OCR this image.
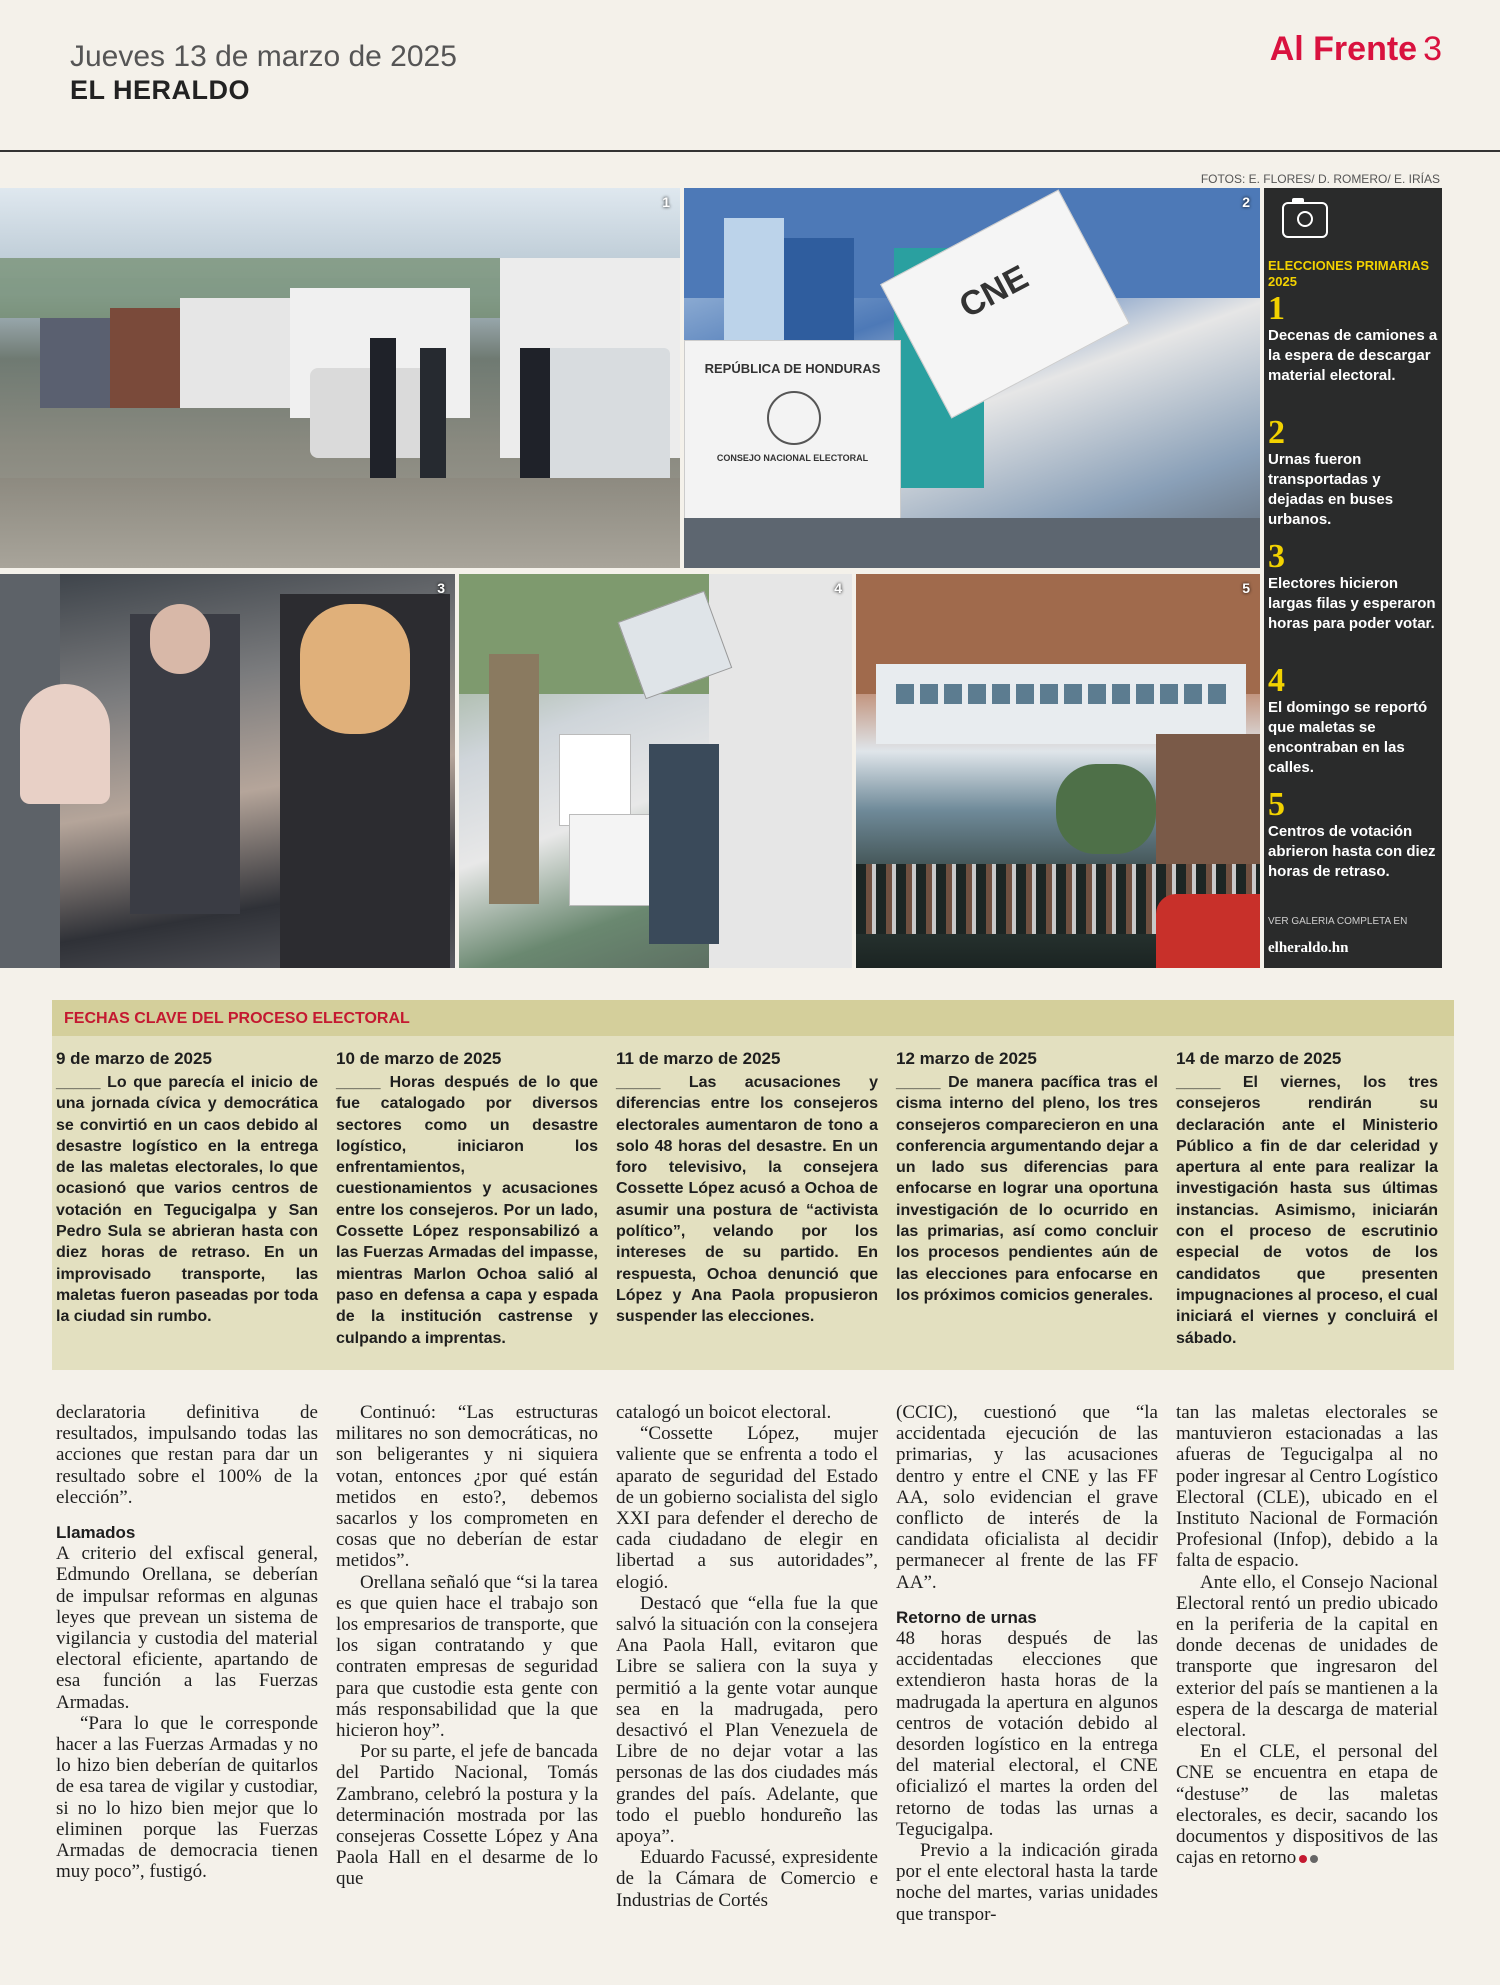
Jueves 13 de marzo de 2025
EL HERALDO
Al Frente 3
FOTOS: E. FLORES/ D. ROMERO/ E. IRÍAS
1
REPÚBLICA DE HONDURAS
CONSEJO NACIONAL ELECTORAL
CNE
2
3	4	5
ELECCIONES PRIMARIAS 2025
1
Decenas de camiones a la espera de descargar material electoral.
2
Urnas fueron transportadas y dejadas en buses urbanos.
3
Electores hicieron largas filas y esperaron horas para poder votar.
4
El domingo se reportó que maletas se encontraban en las calles.
5
Centros de votación abrieron hasta con diez horas de retraso.
VER GALERIA COMPLETA EN
elheraldo.hn
FECHAS CLAVE DEL PROCESO ELECTORAL
9 de marzo de 2025
_____ Lo que parecía el inicio de una jornada cívica y democrática se convirtió en un caos debido al desastre logístico en la entrega de las maletas electorales, lo que ocasionó que varios centros de votación en Tegucigalpa y San Pedro Sula se abrieran hasta con diez horas de retraso. En un improvisado transporte, las maletas fueron paseadas por toda la ciudad sin rumbo.
10 de marzo de 2025
_____ Horas después de lo que fue catalogado por diversos sectores como un desastre logístico, iniciaron los enfrentamientos, cuestionamientos y acusaciones entre los consejeros. Por un lado, Cossette López responsabilizó a las Fuerzas Armadas del impasse, mientras Marlon Ochoa salió al paso en defensa a capa y espada de la institución castrense y culpando a imprentas.
11 de marzo de 2025
_____ Las acusaciones y diferencias entre los consejeros electorales aumentaron de tono a solo 48 horas del desastre. En un foro televisivo, la consejera Cossette López acusó a Ochoa de asumir una postura de “activista político”, velando por los intereses de su partido. En respuesta, Ochoa denunció que López y Ana Paola propusieron suspender las elecciones.
12 marzo de 2025
_____ De manera pacífica tras el cisma interno del pleno, los tres consejeros comparecieron en una conferencia argumentando dejar a un lado sus diferencias para enfocarse en lograr una oportuna investigación de lo ocurrido en las primarias, así como concluir los procesos pendientes aún de las elecciones para enfocarse en los próximos comicios generales.
14 de marzo de 2025
_____ El viernes, los tres consejeros rendirán su declaración ante el Ministerio Público a fin de dar celeridad y apertura al ente para realizar la investigación hasta sus últimas instancias. Asimismo, iniciarán con el proceso de escrutinio especial de votos de los candidatos que presenten impugnaciones al proceso, el cual iniciará el viernes y concluirá el sábado.

declaratoria definitiva de resultados, impulsando todas las acciones que restan para dar un resultado sobre el 100% de la elección”.

Llamados

A criterio del exfiscal general, Edmundo Orellana, se deberían de impulsar reformas en algunas leyes que prevean un sistema de vigilancia y custodia del material electoral eficiente, apartando de esa función a las Fuerzas Armadas.

“Para lo que le corresponde hacer a las Fuerzas Armadas y no lo hizo bien deberían de quitarlos de esa tarea de vigilar y custodiar, si no lo hizo bien mejor que lo eliminen porque las Fuerzas Armadas de democracia tienen muy poco”, fustigó.

Continuó: “Las estructuras militares no son democráticas, no son beligerantes y ni siquiera votan, entonces ¿por qué están metidos en esto?, debemos sacarlos y los comprometen en cosas que no deberían de estar metidos”.

Orellana señaló que “si la tarea es que quien hace el trabajo son los empresarios de transporte, que los sigan contratando y que contraten empresas de seguridad para que custodie esta gente con más responsabilidad que la que hicieron hoy”.

Por su parte, el jefe de bancada del Partido Nacional, Tomás Zambrano, celebró la postura y la determinación mostrada por las consejeras Cossette López y Ana Paola Hall en el desarme de lo que

catalogó un boicot electoral.

“Cossette López, mujer valiente que se enfrenta a todo el aparato de seguridad del Estado de un gobierno socialista del siglo XXI para defender el derecho de cada ciudadano de elegir en libertad a sus autoridades”, elogió.

Destacó que “ella fue la que salvó la situación con la consejera Ana Paola Hall, evitaron que Libre se saliera con la suya y permitió a la gente votar aunque sea en la madrugada, pero desactivó el Plan Venezuela de Libre de no dejar votar a las personas de las dos ciudades más grandes del país. Adelante, que todo el pueblo hondureño las apoya”.

Eduardo Facussé, expresidente de la Cámara de Comercio e Industrias de Cortés

(CCIC), cuestionó que “la accidentada ejecución de las primarias, y las acusaciones dentro y entre el CNE y las FF AA, solo evidencian el grave conflicto de interés de la candidata oficialista al decidir permanecer al frente de las FF AA”.

Retorno de urnas

48 horas después de las accidentadas elecciones que extendieron hasta horas de la madrugada la apertura en algunos centros de votación debido al desorden logístico en la entrega del material electoral, el CNE oficializó el martes la orden del retorno de todas las urnas a Tegucigalpa.

Previo a la indicación girada por el ente electoral hasta la tarde noche del martes, varias unidades que transpor-

tan las maletas electorales se mantuvieron estacionadas a las afueras de Tegucigalpa al no poder ingresar al Centro Logístico Electoral (CLE), ubicado en el Instituto Nacional de Formación Profesional (Infop), debido a la falta de espacio.

Ante ello, el Consejo Nacional Electoral rentó un predio ubicado en la periferia de la capital en donde decenas de unidades de transporte que ingresaron del exterior del país se mantienen a la espera de la descarga de material electoral.

En el CLE, el personal del CNE se encuentra en etapa de “destuse” de las maletas electorales, es decir, sacando los documentos y dispositivos de las cajas en retorno
